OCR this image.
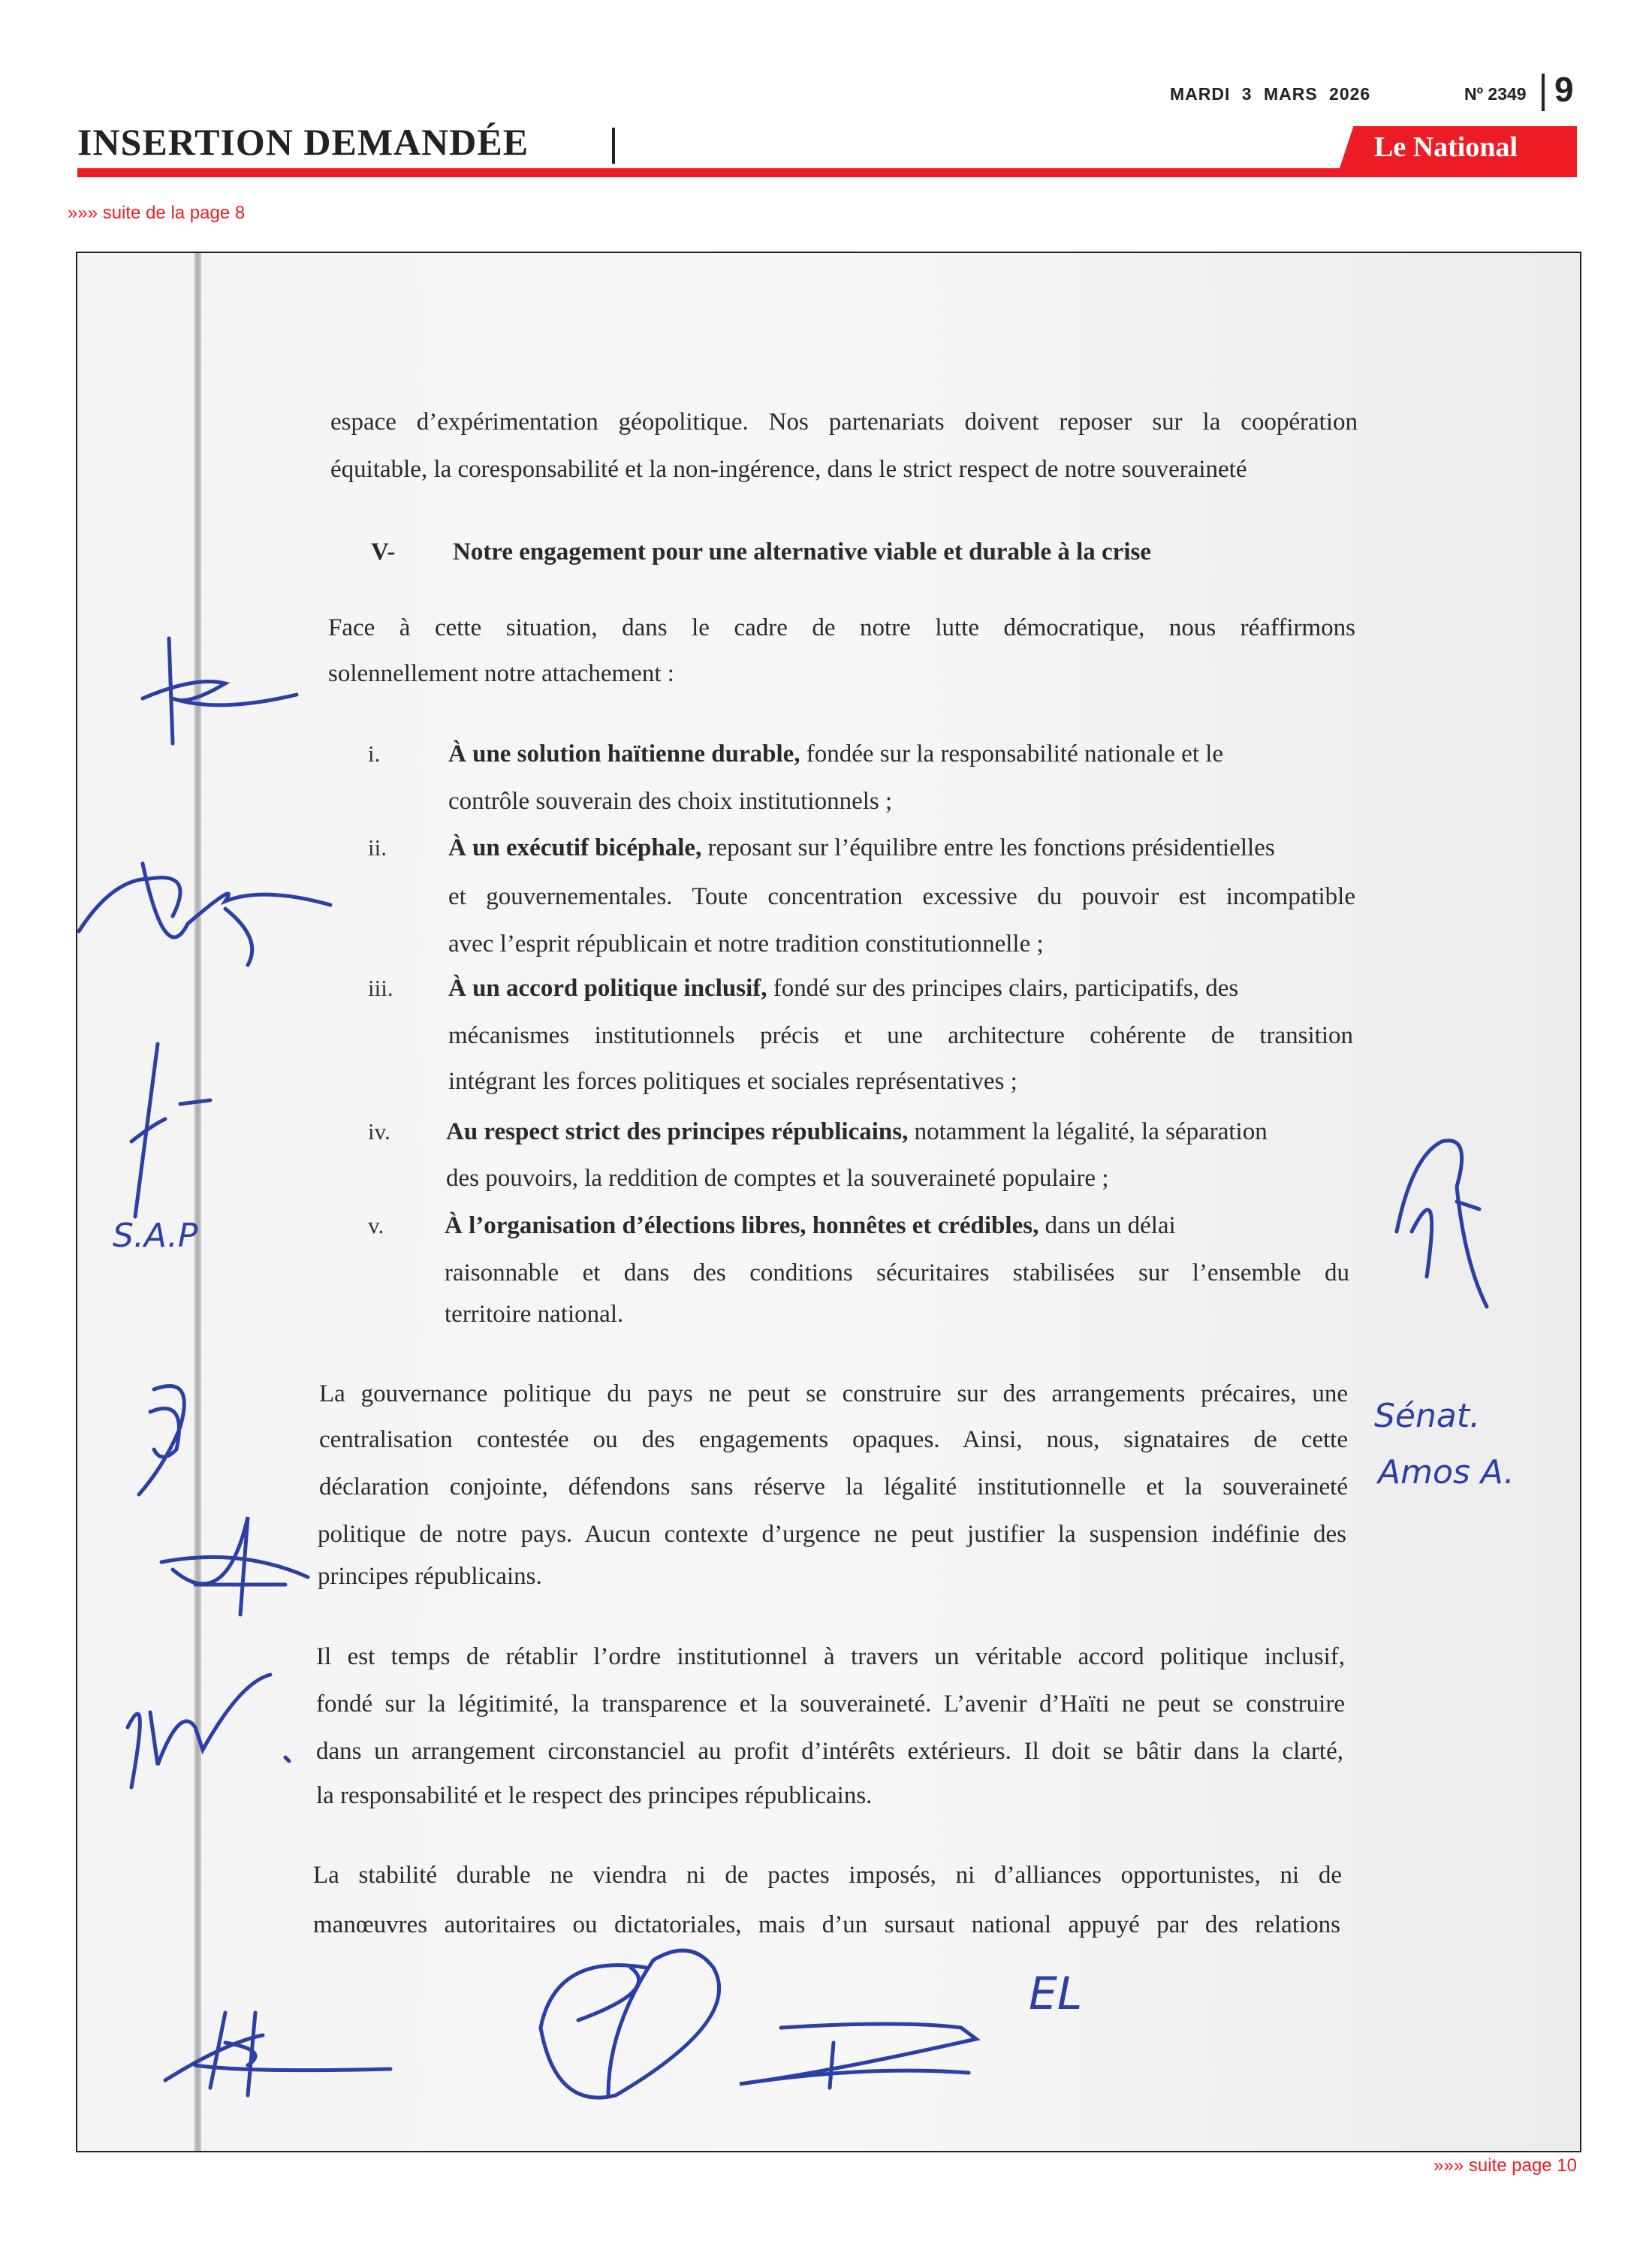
MARDI 3 MARS 2026	Nº 2349 9
INSERTION DEMANDÉE	Le National
»»» suite de la page 8
espace d’expérimentation géopolitique. Nos partenariats doivent reposer sur la coopération
équitable, la coresponsabilité et la non-ingérence, dans le strict respect de notre souveraineté
V- Notre engagement pour une alternative viable et durable à la crise
Face à cette situation, dans le cadre de notre lutte démocratique, nous réaffirmons
solennellement notre attachement :
i.	À une solution haïtienne durable, fondée sur la responsabilité nationale et le
contrôle souverain des choix institutionnels ;
ii. À un exécutif bicéphale, reposant sur l’équilibre entre les fonctions présidentielles
et gouvernementales. Toute concentration excessive du pouvoir est incompatible
avec l’esprit républicain et notre tradition constitutionnelle ;
iii. À un accord politique inclusif, fondé sur des principes clairs, participatifs, des
mécanismes institutionnels précis et une architecture cohérente de transition
intégrant les forces politiques et sociales représentatives ;
iv. Au respect strict des principes républicains, notamment la légalité, la séparation
des pouvoirs, la reddition de comptes et la souveraineté populaire ;
v. À l’organisation d’élections libres, honnêtes et crédibles, dans un délai
raisonnable et dans des conditions sécuritaires stabilisées sur l’ensemble du
territoire national.
La gouvernance politique du pays ne peut se construire sur des arrangements précaires, une
centralisation contestée ou des engagements opaques. Ainsi, nous, signataires de cette
déclaration conjointe, défendons sans réserve la légalité institutionnelle et la souveraineté
politique de notre pays. Aucun contexte d’urgence ne peut justifier la suspension indéfinie des
principes républicains.
Il est temps de rétablir l’ordre institutionnel à travers un véritable accord politique inclusif,
fondé sur la légitimité, la transparence et la souveraineté. L’avenir d’Haïti ne peut se construire
dans un arrangement circonstanciel au profit d’intérêts extérieurs. Il doit se bâtir dans la clarté,
la responsabilité et le respect des principes républicains.
La stabilité durable ne viendra ni de pactes imposés, ni d’alliances opportunistes, ni de
manœuvres autoritaires ou dictatoriales, mais d’un sursaut national appuyé par des relations
S.A.P
Sénat.
Amos A.
EL
»»» suite page 10
